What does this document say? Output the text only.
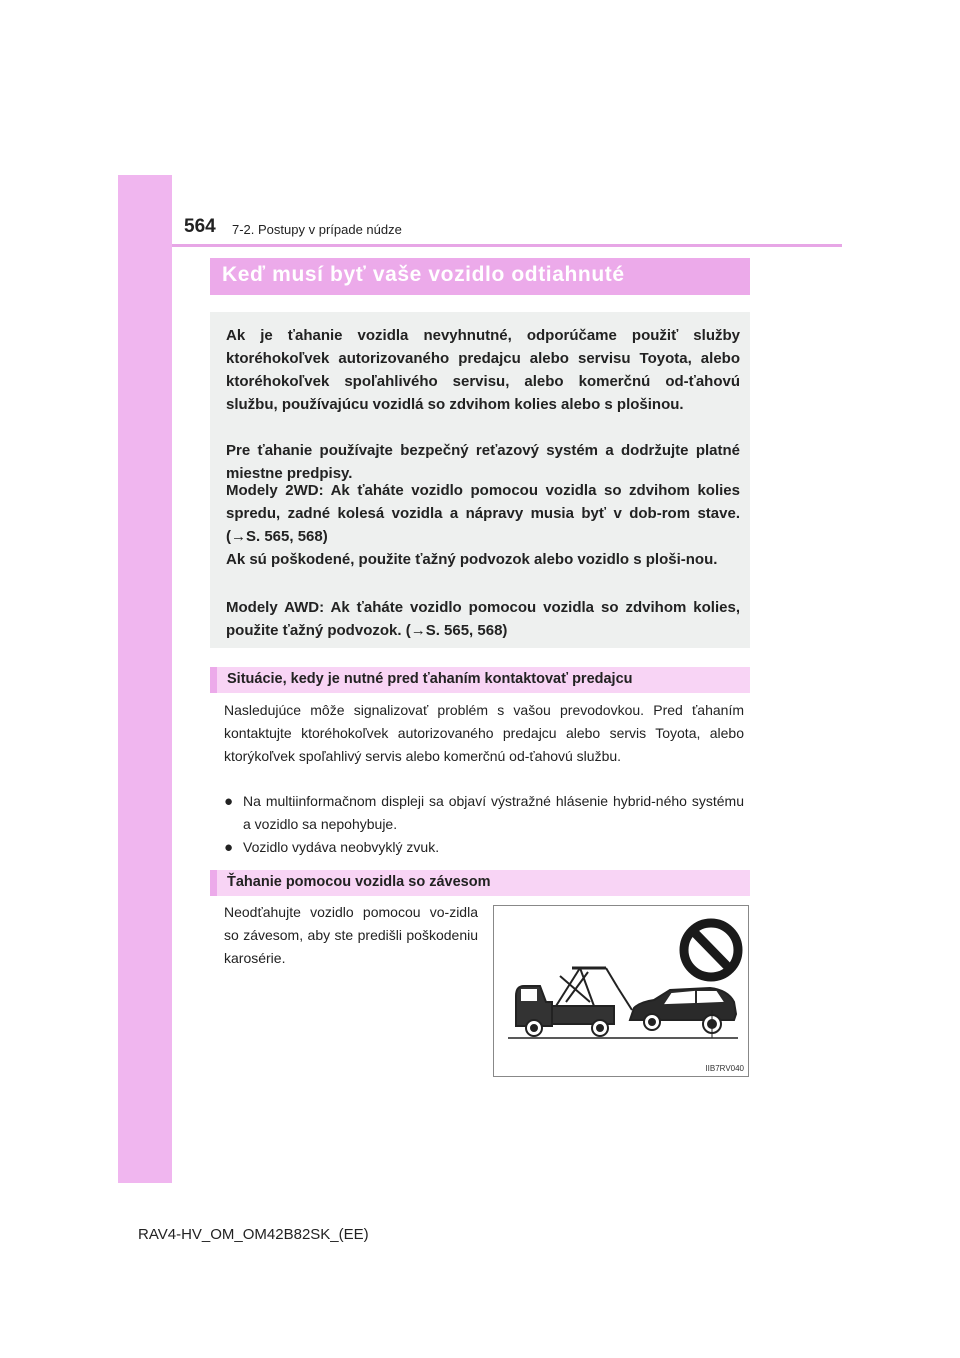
564 7-2. Postupy v prípade núdze
Keď musí byť vaše vozidlo odtiahnuté

Ak je ťahanie vozidla nevyhnutné, odporúčame použiť služby ktoréhokoľvek autorizovaného predajcu alebo servisu Toyota, alebo ktoréhokoľvek spoľahlivého servisu, alebo komerčnú od-ťahovú službu, používajúcu vozidlá so zdvihom kolies alebo s plošinou.

Pre ťahanie používajte bezpečný reťazový systém a dodržujte platné miestne predpisy.

Modely 2WD: Ak ťaháte vozidlo pomocou vozidla so zdvihom kolies spredu, zadné kolesá vozidla a nápravy musia byť v dob-rom stave. (→S. 565, 568)

Ak sú poškodené, použite ťažný podvozok alebo vozidlo s ploši-nou.

Modely AWD: Ak ťaháte vozidlo pomocou vozidla so zdvihom kolies, použite ťažný podvozok. (→S. 565, 568)

Situácie, kedy je nutné pred ťahaním kontaktovať predajcu

Nasledujúce môže signalizovať problém s vašou prevodovkou. Pred ťahaním kontaktujte ktoréhokoľvek autorizovaného predajcu alebo servis Toyota, alebo ktorýkoľvek spoľahlivý servis alebo komerčnú od-ťahovú službu.

● Na multiinformačnom displeji sa objaví výstražné hlásenie hybrid-ného systému a vozidlo sa nepohybuje.
● Vozidlo vydáva neobvyklý zvuk.
Ťahanie pomocou vozidla so závesom

Neodťahujte vozidlo pomocou vo-zidla so závesom, aby ste predišli poškodeniu karosérie.

IIB7RV040
RAV4-HV_OM_OM42B82SK_(EE)
